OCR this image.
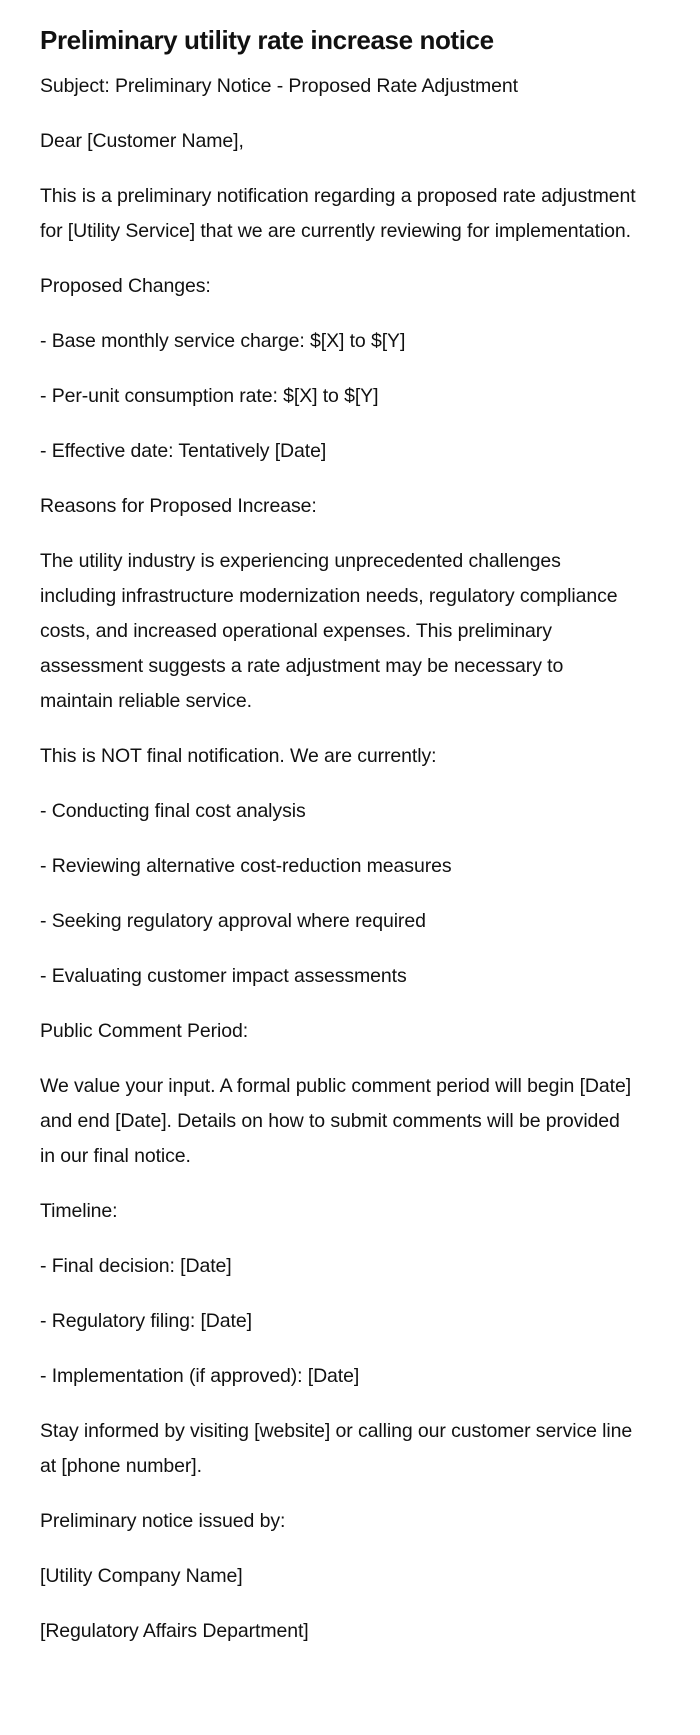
Preliminary utility rate increase notice

Subject: Preliminary Notice - Proposed Rate Adjustment

Dear [Customer Name],

This is a preliminary notification regarding a proposed rate adjustment for [Utility Service] that we are currently reviewing for implementation.

Proposed Changes:

- Base monthly service charge: $[X] to $[Y]

- Per-unit consumption rate: $[X] to $[Y]

- Effective date: Tentatively [Date]

Reasons for Proposed Increase:

The utility industry is experiencing unprecedented challenges including infrastructure modernization needs, regulatory compliance costs, and increased operational expenses. This preliminary assessment suggests a rate adjustment may be necessary to maintain reliable service.

This is NOT final notification. We are currently:

- Conducting final cost analysis

- Reviewing alternative cost-reduction measures

- Seeking regulatory approval where required

- Evaluating customer impact assessments

Public Comment Period:

We value your input. A formal public comment period will begin [Date] and end [Date]. Details on how to submit comments will be provided in our final notice.

Timeline:

- Final decision: [Date]

- Regulatory filing: [Date]

- Implementation (if approved): [Date]

Stay informed by visiting [website] or calling our customer service line at [phone number].

Preliminary notice issued by:

[Utility Company Name]

[Regulatory Affairs Department]
